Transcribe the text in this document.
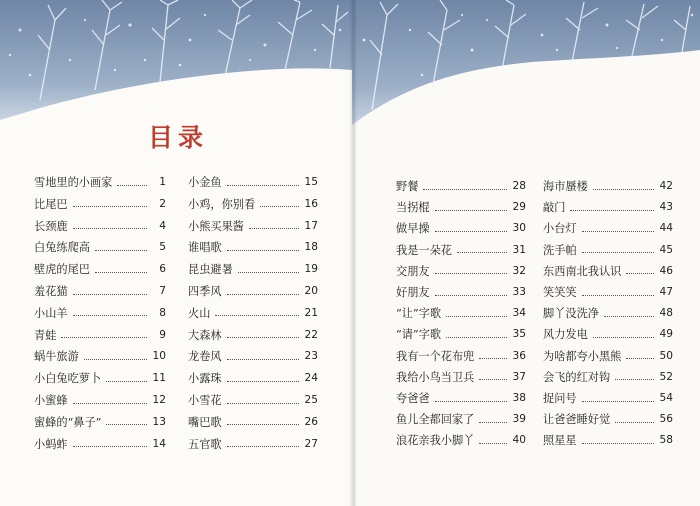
目录
雪地里的小画家	1
比尾巴	2
长颈鹿	4
白兔练爬高	5
壁虎的尾巴	6
羞花猫	7
小山羊	8
青蛙	9
蜗牛旅游	10
小白兔吃萝卜	11
小蜜蜂	12
蜜蜂的“鼻子”	13
小蚂蚱	14
小金鱼	15
小鸡，你别看	16
小熊买果酱	17
谁唱歌	18
昆虫避暑	19
四季风	20
火山	21
大森林	22
龙卷风	23
小露珠	24
小雪花	25
嘴巴歌	26
五官歌	27
野餐	28
当拐棍	29
做早操	30
我是一朵花	31
交朋友	32
好朋友	33
“让”字歌	34
“请”字歌	35
我有一个花布兜	36
我给小鸟当卫兵	37
夸爸爸	38
鱼儿全都回家了	39
浪花亲我小脚丫	40
海市蜃楼	42
敲门	43
小台灯	44
洗手帕	45
东西南北我认识	46
笑笑笑	47
脚丫没洗净	48
风力发电	49
为啥都夸小黑熊	50
会飞的红对钩	52
捉问号	54
让爸爸睡好觉	56
照星星	58
